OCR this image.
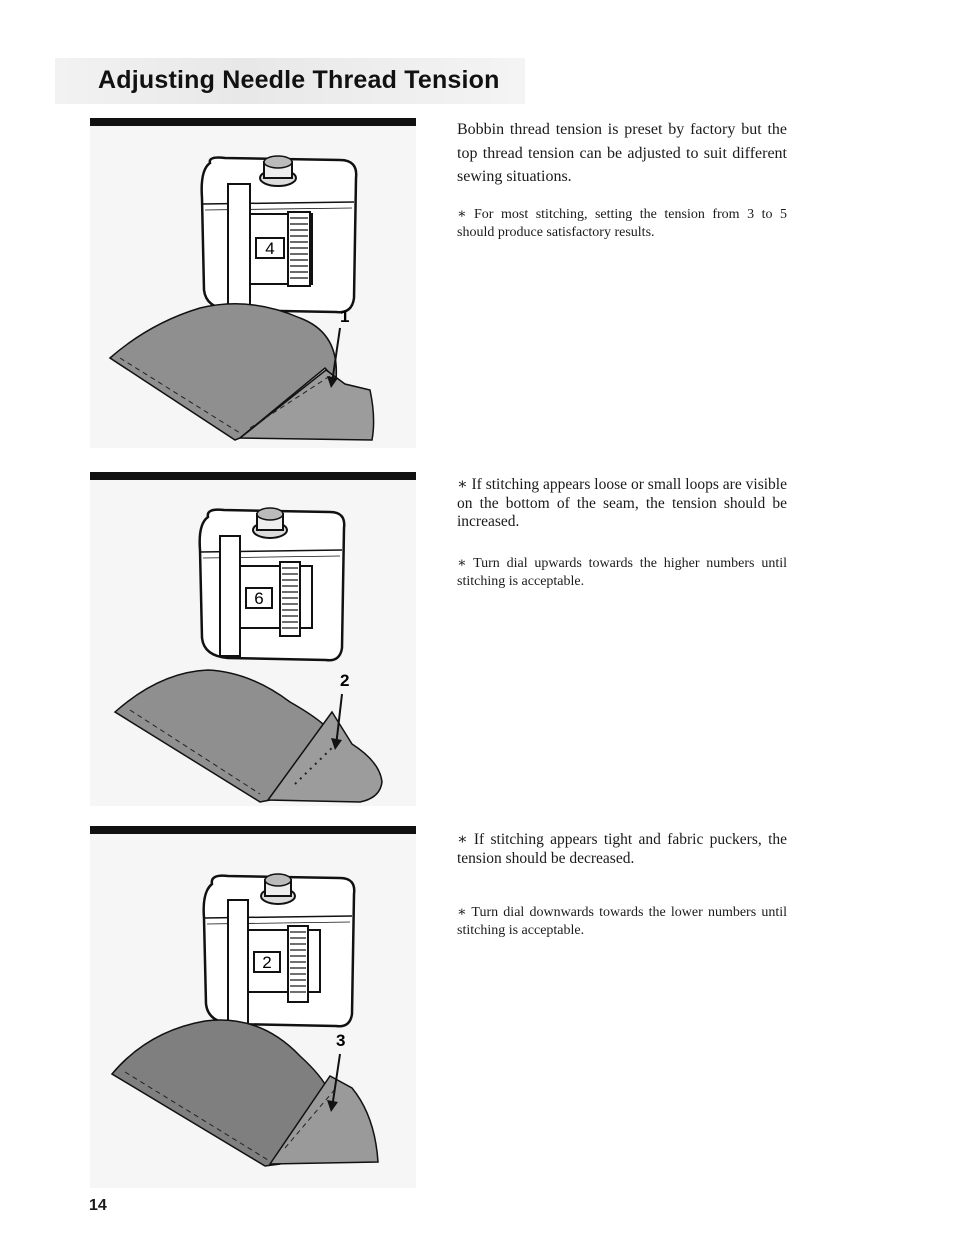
Adjusting Needle Thread Tension
4
1
6
2
2
3
Bobbin thread tension is preset by factory but the top thread tension can be adjusted to suit different sewing situations.

∗ For most stitching, setting the tension from 3 to 5 should produce satisfactory results.

∗ If stitching appears loose or small loops are visible on the bottom of the seam, the tension should be increased.

∗ Turn dial upwards towards the higher numbers until stitching is acceptable.

∗ If stitching appears tight and fabric puckers, the tension should be decreased.

∗ Turn dial downwards towards the lower numbers until stitching is acceptable.

14
